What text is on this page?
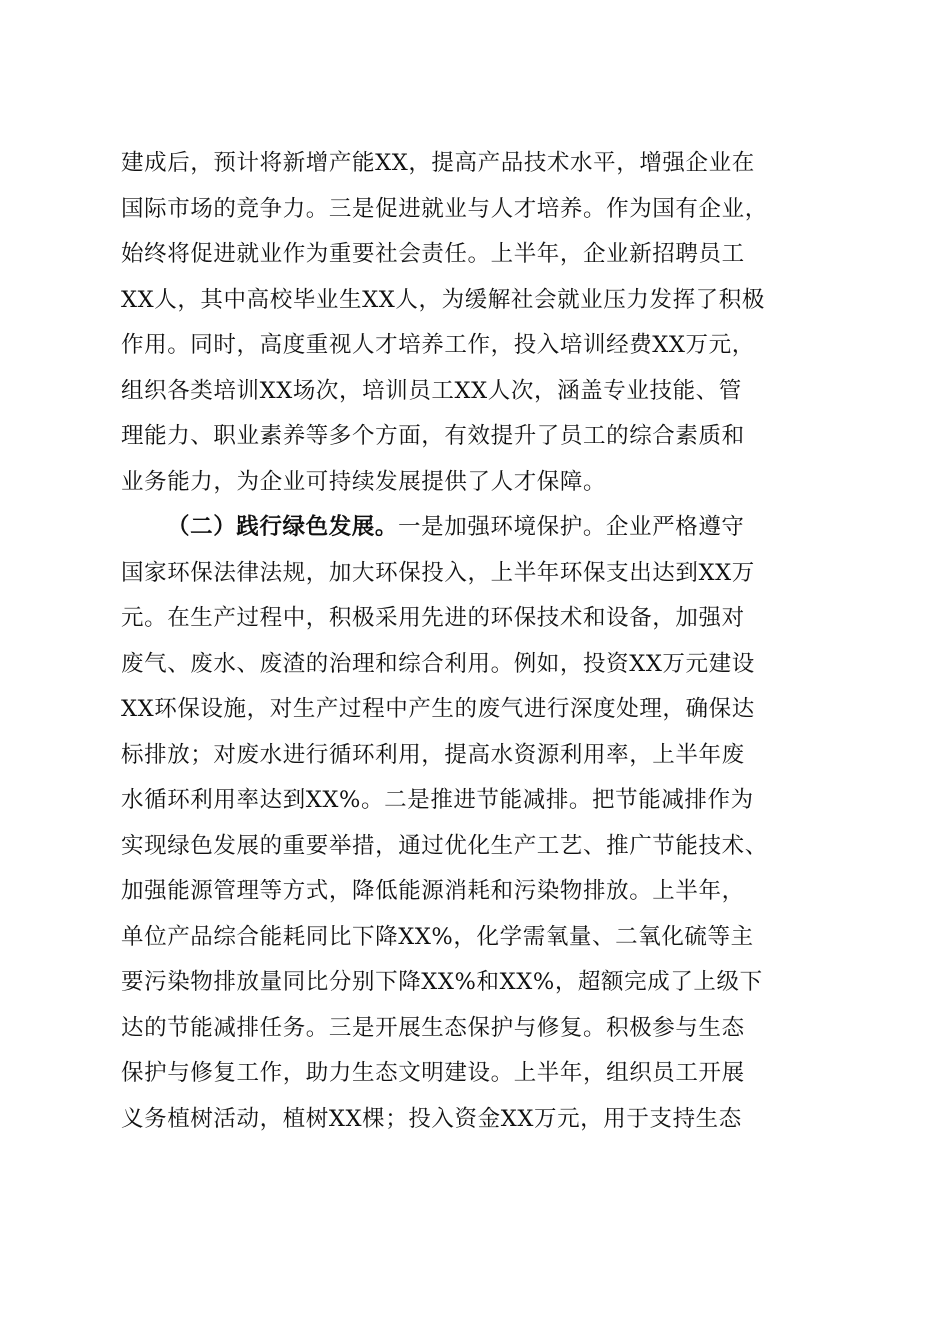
建成后，预计将新增产能XX，提高产品技术水平，增强企业在
国际市场的竞争力。三是促进就业与人才培养。作为国有企业，
始终将促进就业作为重要社会责任。上半年，企业新招聘员工
XX人，其中高校毕业生XX人，为缓解社会就业压力发挥了积极
作用。同时，高度重视人才培养工作，投入培训经费XX万元，
组织各类培训XX场次，培训员工XX人次，涵盖专业技能、管
理能力、职业素养等多个方面，有效提升了员工的综合素质和
业务能力，为企业可持续发展提供了人才保障。
（二）践行绿色发展。一是加强环境保护。企业严格遵守
国家环保法律法规，加大环保投入，上半年环保支出达到XX万
元。在生产过程中，积极采用先进的环保技术和设备，加强对
废气、废水、废渣的治理和综合利用。例如，投资XX万元建设
XX环保设施，对生产过程中产生的废气进行深度处理，确保达
标排放；对废水进行循环利用，提高水资源利用率，上半年废
水循环利用率达到XX%。二是推进节能减排。把节能减排作为
实现绿色发展的重要举措，通过优化生产工艺、推广节能技术、
加强能源管理等方式，降低能源消耗和污染物排放。上半年，
单位产品综合能耗同比下降XX%，化学需氧量、二氧化硫等主
要污染物排放量同比分别下降XX%和XX%，超额完成了上级下
达的节能减排任务。三是开展生态保护与修复。积极参与生态
保护与修复工作，助力生态文明建设。上半年，组织员工开展
义务植树活动，植树XX棵；投入资金XX万元，用于支持生态
